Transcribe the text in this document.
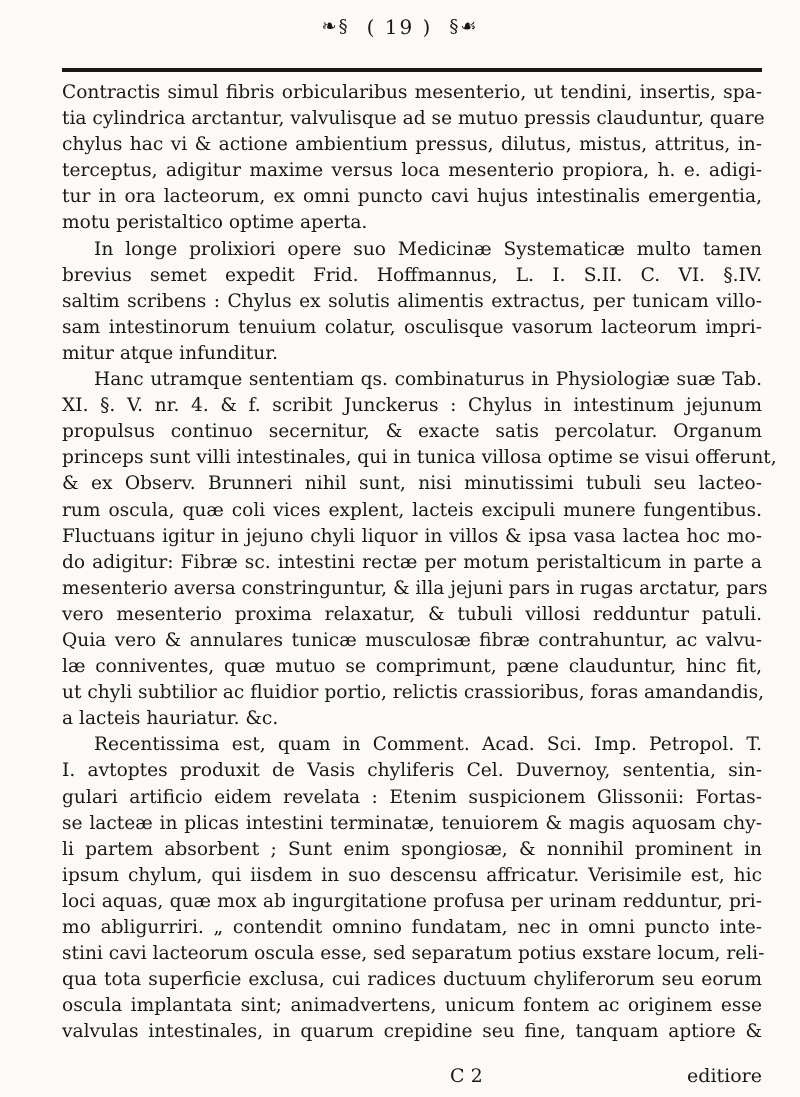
❧§ ( 19 ) §☙
Contractis simul fibris orbicularibus mesenterio, ut tendini, insertis, spa-
tia cylindrica arctantur, valvulisque ad se mutuo pressis clauduntur, quare
chylus hac vi & actione ambientium pressus, dilutus, mistus, attritus, in-
terceptus, adigitur maxime versus loca mesenterio propiora, h. e. adigi-
tur in ora lacteorum, ex omni puncto cavi hujus intestinalis emergentia,
motu peristaltico optime aperta.
In longe prolixiori opere suo Medicinæ Systematicæ multo tamen
brevius semet expedit Frid. Hoffmannus, L. I. S.II. C. VI. §.IV.
saltim scribens : Chylus ex solutis alimentis extractus, per tunicam villo-
sam intestinorum tenuium colatur, osculisque vasorum lacteorum impri-
mitur atque infunditur.
Hanc utramque sententiam qs. combinaturus in Physiologiæ suæ Tab.
XI. §. V. nr. 4. & f. scribit Junckerus : Chylus in intestinum jejunum
propulsus continuo secernitur, & exacte satis percolatur. Organum
princeps sunt villi intestinales, qui in tunica villosa optime se visui offerunt,
& ex Observ. Brunneri nihil sunt, nisi minutissimi tubuli seu lacteo-
rum oscula, quæ coli vices explent, lacteis excipuli munere fungentibus.
Fluctuans igitur in jejuno chyli liquor in villos & ipsa vasa lactea hoc mo-
do adigitur: Fibræ sc. intestini rectæ per motum peristalticum in parte a
mesenterio aversa constringuntur, & illa jejuni pars in rugas arctatur, pars
vero mesenterio proxima relaxatur, & tubuli villosi redduntur patuli.
Quia vero & annulares tunicæ musculosæ fibræ contrahuntur, ac valvu-
læ conniventes, quæ mutuo se comprimunt, pæne clauduntur, hinc fit,
ut chyli subtilior ac fluidior portio, relictis crassioribus, foras amandandis,
a lacteis hauriatur. &c.
Recentissima est, quam in Comment. Acad. Sci. Imp. Petropol. T.
I. avtoptes produxit de Vasis chyliferis Cel. Duvernoy, sententia, sin-
gulari artificio eidem revelata : Etenim suspicionem Glissonii: Fortas-
se lacteæ in plicas intestini terminatæ, tenuiorem & magis aquosam chy-
li partem absorbent ; Sunt enim spongiosæ, & nonnihil prominent in
ipsum chylum, qui iisdem in suo descensu affricatur. Verisimile est, hic
loci aquas, quæ mox ab ingurgitatione profusa per urinam redduntur, pri-
mo abligurriri. „ contendit omnino fundatam, nec in omni puncto inte-
stini cavi lacteorum oscula esse, sed separatum potius exstare locum, reli-
qua tota superficie exclusa, cui radices ductuum chyliferorum seu eorum
oscula implantata sint; animadvertens, unicum fontem ac originem esse
valvulas intestinales, in quarum crepidine seu fine, tanquam aptiore &
C 2	editiore
